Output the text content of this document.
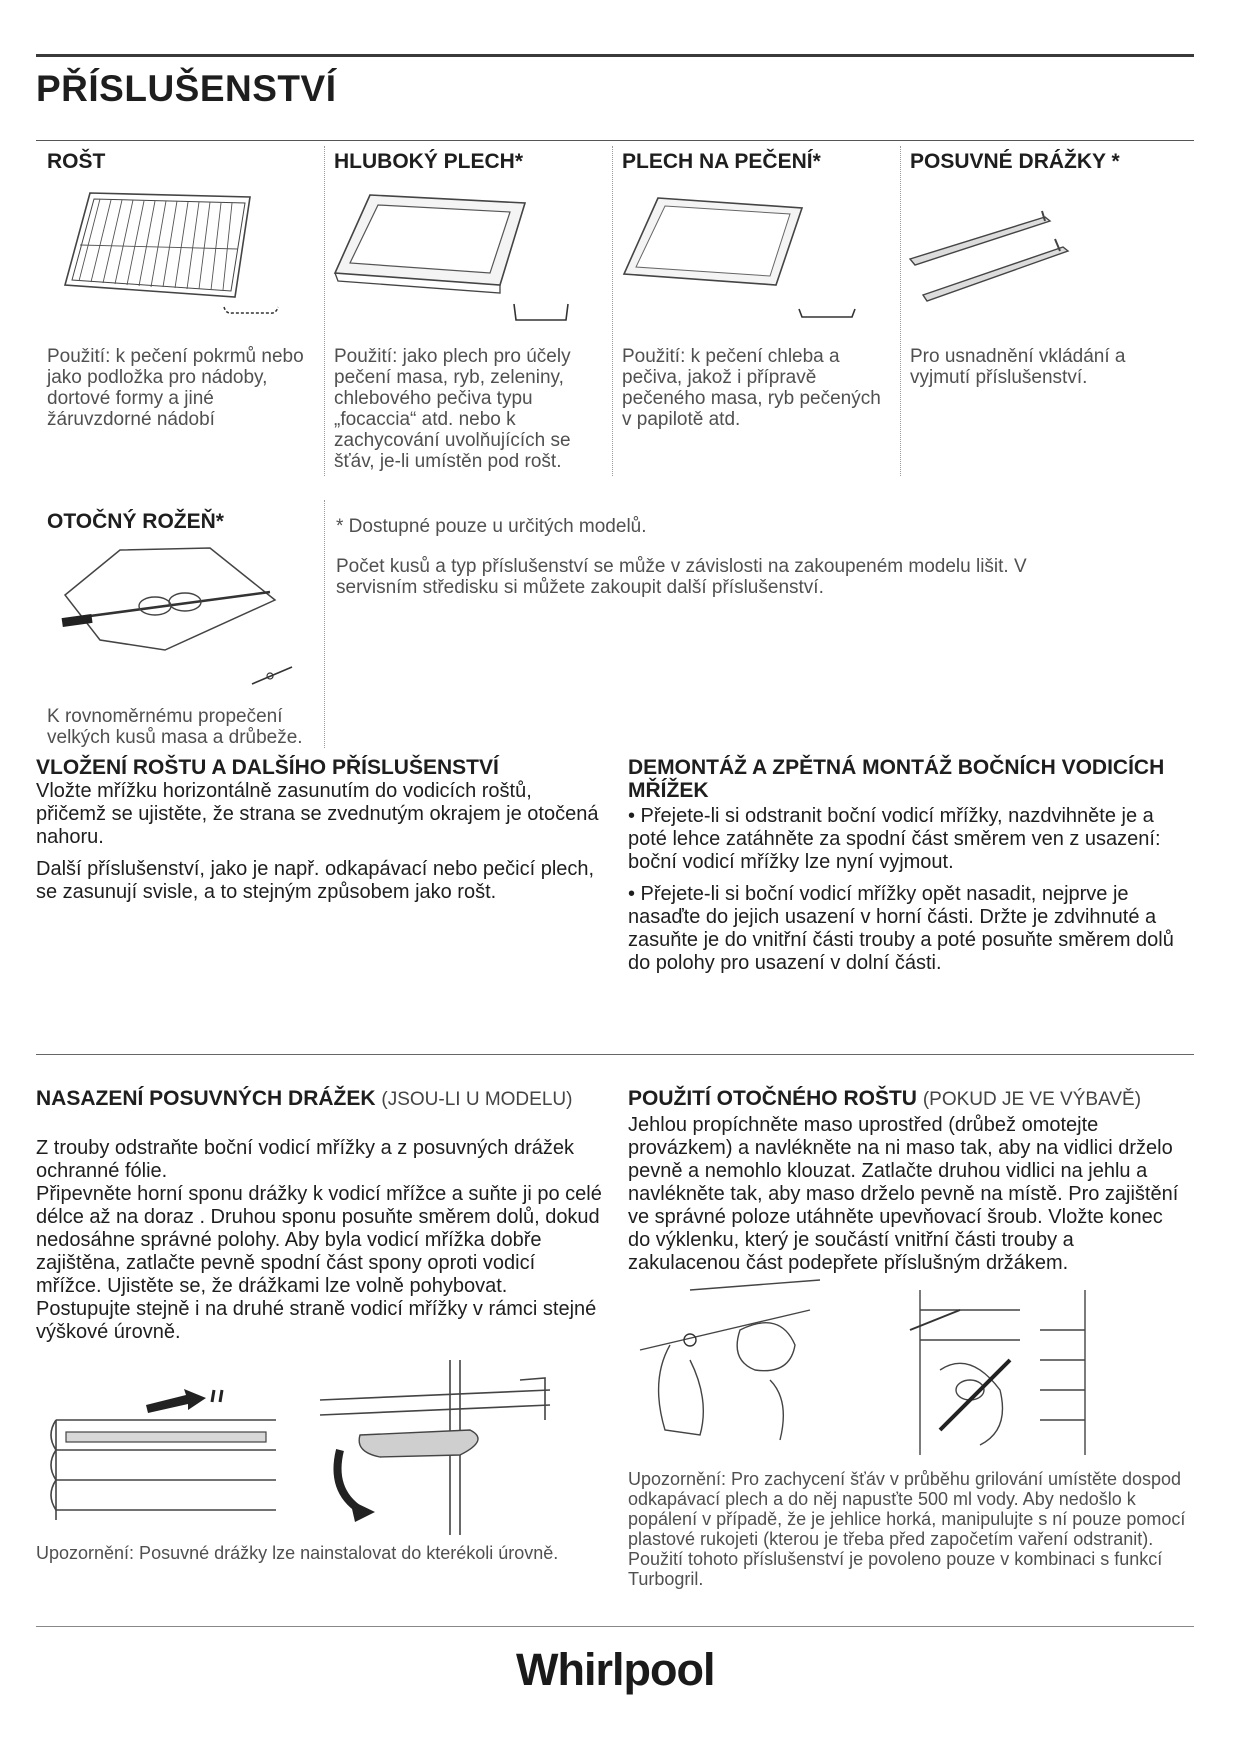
PŘÍSLUŠENSTVÍ
ROŠT

Použití: k pečení pokrmů nebo jako podložka pro nádoby, dortové formy a jiné žáruvzdorné nádobí

HLUBOKÝ PLECH*

Použití: jako plech pro účely pečení masa, ryb, zeleniny, chlebového pečiva typu „focaccia“ atd. nebo k zachycování uvolňujících se šťáv, je-li umístěn pod rošt.

PLECH NA PEČENÍ*

Použití: k pečení chleba a pečiva, jakož i přípravě pečeného masa, ryb pečených v papilotě atd.

POSUVNÉ DRÁŽKY *

Pro usnadnění vkládání a vyjmutí příslušenství.

OTOČNÝ ROŽEŇ*

K rovnoměrnému propečení velkých kusů masa a drůbeže.

* Dostupné pouze u určitých modelů.

Počet kusů a typ příslušenství se může v závislosti na zakoupeném modelu lišit. V servisním středisku si můžete zakoupit další příslušenství.

VLOŽENÍ ROŠTU A DALŠÍHO PŘÍSLUŠENSTVÍ

Vložte mřížku horizontálně zasunutím do vodicích roštů, přičemž se ujistěte, že strana se zvednutým okrajem je otočená nahoru.

Další příslušenství, jako je např. odkapávací nebo pečicí plech, se zasunují svisle, a to stejným způsobem jako rošt.

DEMONTÁŽ A ZPĚTNÁ MONTÁŽ BOČNÍCH VODICÍCH MŘÍŽEK

• Přejete-li si odstranit boční vodicí mřížky, nazdvihněte je a poté lehce zatáhněte za spodní část směrem ven z usazení: boční vodicí mřížky lze nyní vyjmout.

• Přejete-li si boční vodicí mřížky opět nasadit, nejprve je nasaďte do jejich usazení v horní části. Držte je zdvihnuté a zasuňte je do vnitřní části trouby a poté posuňte směrem dolů do polohy pro usazení v dolní části.

NASAZENÍ POSUVNÝCH DRÁŽEK (JSOU-LI U MODELU)

Z trouby odstraňte boční vodicí mřížky a z posuvných drážek ochranné fólie.

Připevněte horní sponu drážky k vodicí mřížce a suňte ji po celé délce až na doraz . Druhou sponu posuňte směrem dolů, dokud nedosáhne správné polohy. Aby byla vodicí mřížka dobře zajištěna, zatlačte pevně spodní část spony oproti vodicí mřížce. Ujistěte se, že drážkami lze volně pohybovat. Postupujte stejně i na druhé straně vodicí mřížky v rámci stejné výškové úrovně.

Upozornění: Posuvné drážky lze nainstalovat do kterékoli úrovně.

POUŽITÍ OTOČNÉHO ROŠTU (POKUD JE VE VÝBAVĚ)

Jehlou propíchněte maso uprostřed (drůbež omotejte provázkem) a navlékněte na ni maso tak, aby na vidlici drželo pevně a nemohlo klouzat. Zatlačte druhou vidlici na jehlu a navlékněte tak, aby maso drželo pevně na místě. Pro zajištění ve správné poloze utáhněte upevňovací šroub. Vložte konec do výklenku, který je součástí vnitřní části trouby a zakulacenou část podepřete příslušným držákem.

Upozornění: Pro zachycení šťáv v průběhu grilování umístěte dospod odkapávací plech a do něj napusťte 500 ml vody. Aby nedošlo k popálení v případě, že je jehlice horká, manipulujte s ní pouze pomocí plastové rukojeti (kterou je třeba před započetím vaření odstranit). Použití tohoto příslušenství je povoleno pouze v kombinaci s funkcí Turbogril.

Whirlpool
